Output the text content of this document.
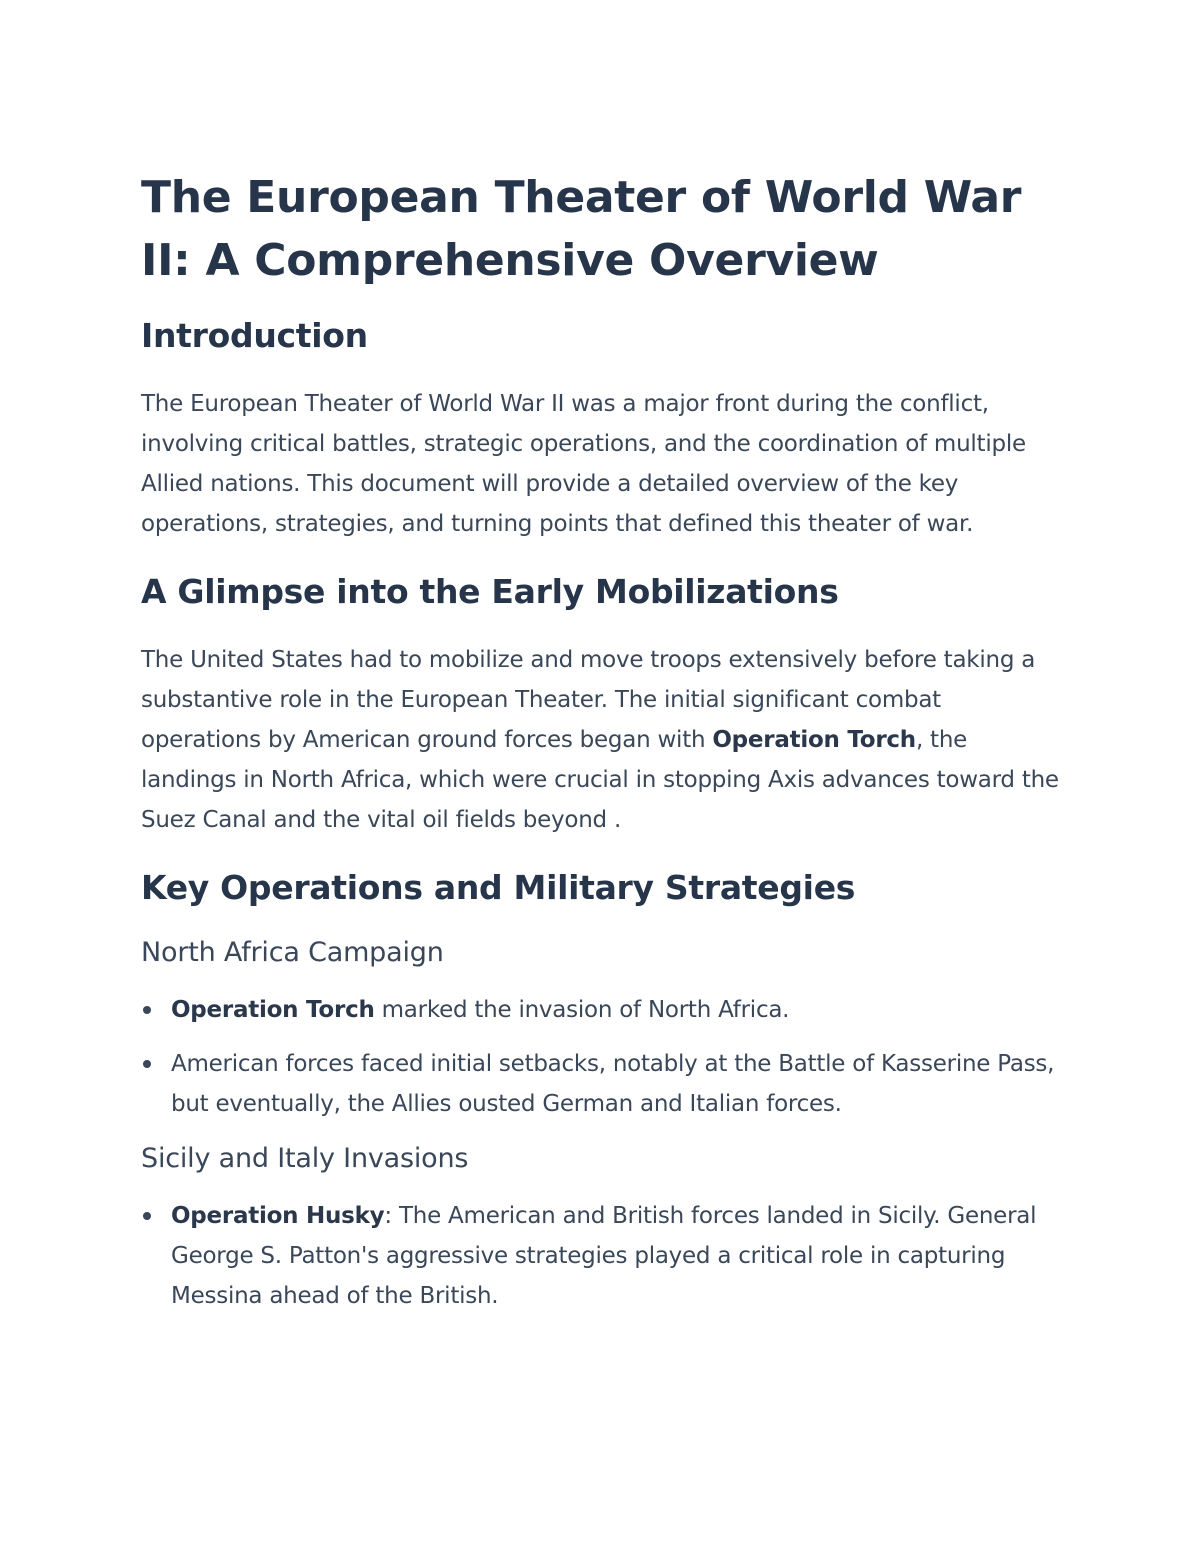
The European Theater of World War II: A Comprehensive Overview
Introduction

The European Theater of World War II was a major front during the conflict, involving critical battles, strategic operations, and the coordination of multiple Allied nations. This document will provide a detailed overview of the key operations, strategies, and turning points that defined this theater of war.

A Glimpse into the Early Mobilizations

The United States had to mobilize and move troops extensively before taking a substantive role in the European Theater. The initial significant combat operations by American ground forces began with Operation Torch, the landings in North Africa, which were crucial in stopping Axis advances toward the Suez Canal and the vital oil fields beyond .

Key Operations and Military Strategies
North Africa Campaign
Operation Torch marked the invasion of North Africa.
American forces faced initial setbacks, notably at the Battle of Kasserine Pass, but eventually, the Allies ousted German and Italian forces.
Sicily and Italy Invasions
Operation Husky: The American and British forces landed in Sicily. General George S. Patton's aggressive strategies played a critical role in capturing Messina ahead of the British.
